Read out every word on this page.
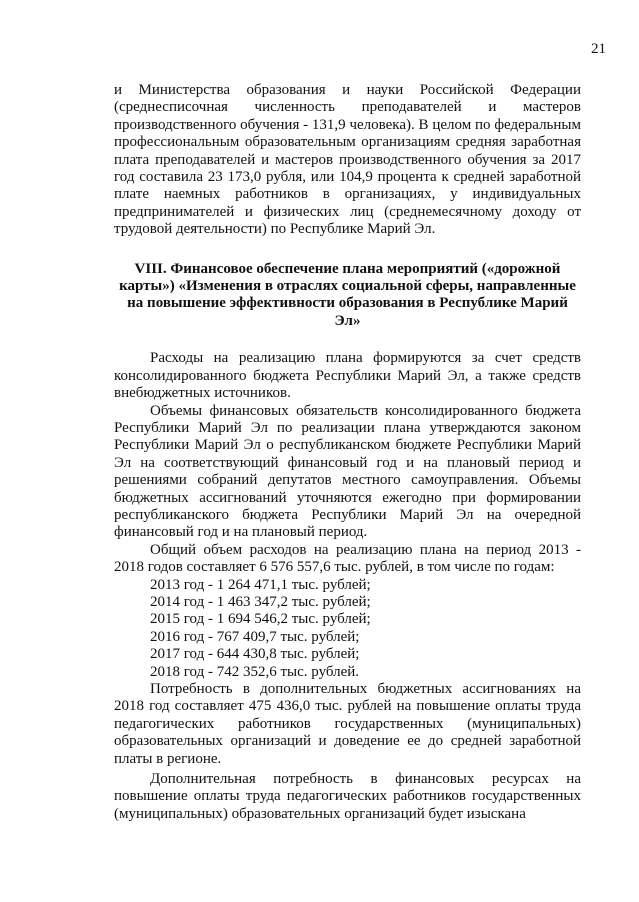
21

и Министерства образования и науки Российской Федерации (среднесписочная численность преподавателей и мастеров производственного обучения - 131,9 человека). В целом по федеральным профессиональным образовательным организациям средняя заработная плата преподавателей и мастеров производственного обучения за 2017 год составила 23 173,0 рубля, или 104,9 процента к средней заработной плате наемных работников в организациях, у индивидуальных предпринимателей и физических лиц (среднемесячному доходу от трудовой деятельности) по Республике Марий Эл.

VIII. Финансовое обеспечение плана мероприятий («дорожной карты») «Изменения в отраслях социальной сферы, направленные на повышение эффективности образования в Республике Марий Эл»

Расходы на реализацию плана формируются за счет средств консолидированного бюджета Республики Марий Эл, а также средств внебюджетных источников.

Объемы финансовых обязательств консолидированного бюджета Республики Марий Эл по реализации плана утверждаются законом Республики Марий Эл о республиканском бюджете Республики Марий Эл на соответствующий финансовый год и на плановый период и решениями собраний депутатов местного самоуправления. Объемы бюджетных ассигнований уточняются ежегодно при формировании республиканского бюджета Республики Марий Эл на очередной финансовый год и на плановый период.

Общий объем расходов на реализацию плана на период 2013 - 2018 годов составляет 6 576 557,6 тыс. рублей, в том числе по годам:

2013 год - 1 264 471,1 тыс. рублей;
2014 год - 1 463 347,2 тыс. рублей;
2015 год - 1 694 546,2 тыс. рублей;
2016 год - 767 409,7 тыс. рублей;
2017 год - 644 430,8 тыс. рублей;
2018 год - 742 352,6 тыс. рублей.

Потребность в дополнительных бюджетных ассигнованиях на 2018 год составляет 475 436,0 тыс. рублей на повышение оплаты труда педагогических работников государственных (муниципальных) образовательных организаций и доведение ее до средней заработной платы в регионе.

Дополнительная потребность в финансовых ресурсах на повышение оплаты труда педагогических работников государственных (муниципальных) образовательных организаций будет изыскана
